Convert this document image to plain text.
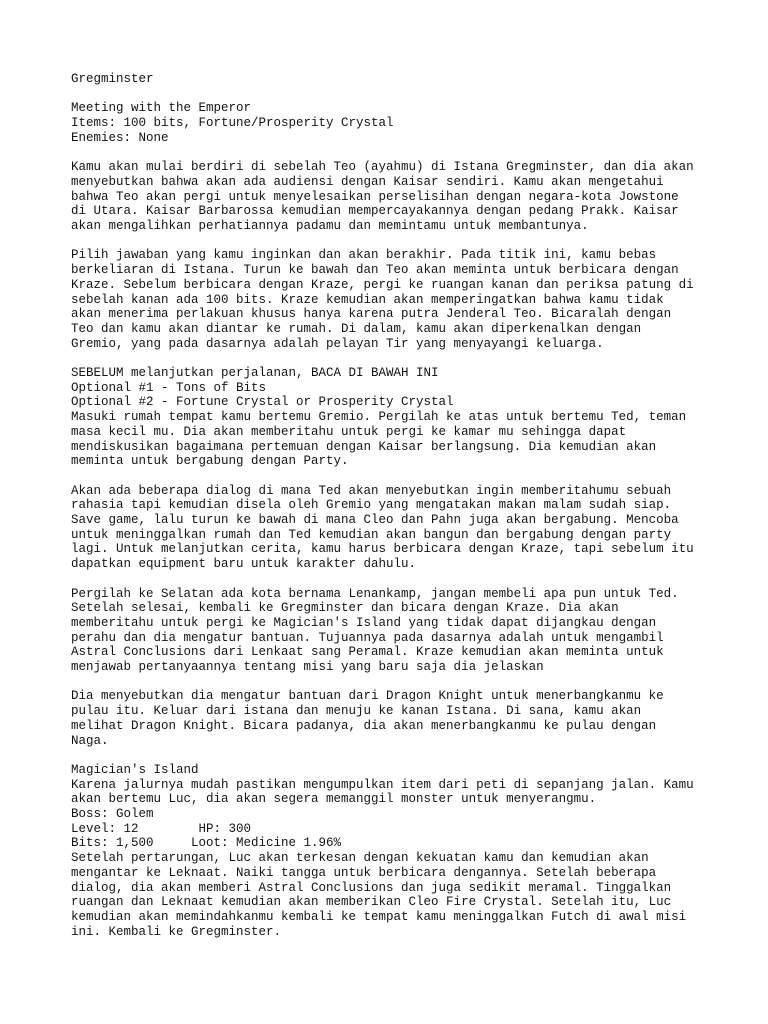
Gregminster
Meeting with the Emperor
Items: 100 bits, Fortune/Prosperity Crystal
Enemies: None
Kamu akan mulai berdiri di sebelah Teo (ayahmu) di Istana Gregminster, dan dia akan
menyebutkan bahwa akan ada audiensi dengan Kaisar sendiri. Kamu akan mengetahui
bahwa Teo akan pergi untuk menyelesaikan perselisihan dengan negara-kota Jowstone
di Utara. Kaisar Barbarossa kemudian mempercayakannya dengan pedang Prakk. Kaisar
akan mengalihkan perhatiannya padamu dan memintamu untuk membantunya.
Pilih jawaban yang kamu inginkan dan akan berakhir. Pada titik ini, kamu bebas
berkeliaran di Istana. Turun ke bawah dan Teo akan meminta untuk berbicara dengan
Kraze. Sebelum berbicara dengan Kraze, pergi ke ruangan kanan dan periksa patung di
sebelah kanan ada 100 bits. Kraze kemudian akan memperingatkan bahwa kamu tidak
akan menerima perlakuan khusus hanya karena putra Jenderal Teo. Bicaralah dengan
Teo dan kamu akan diantar ke rumah. Di dalam, kamu akan diperkenalkan dengan
Gremio, yang pada dasarnya adalah pelayan Tir yang menyayangi keluarga.
SEBELUM melanjutkan perjalanan, BACA DI BAWAH INI
Optional #1 - Tons of Bits
Optional #2 - Fortune Crystal or Prosperity Crystal
Masuki rumah tempat kamu bertemu Gremio. Pergilah ke atas untuk bertemu Ted, teman
masa kecil mu. Dia akan memberitahu untuk pergi ke kamar mu sehingga dapat
mendiskusikan bagaimana pertemuan dengan Kaisar berlangsung. Dia kemudian akan
meminta untuk bergabung dengan Party.
Akan ada beberapa dialog di mana Ted akan menyebutkan ingin memberitahumu sebuah
rahasia tapi kemudian disela oleh Gremio yang mengatakan makan malam sudah siap.
Save game, lalu turun ke bawah di mana Cleo dan Pahn juga akan bergabung. Mencoba
untuk meninggalkan rumah dan Ted kemudian akan bangun dan bergabung dengan party
lagi. Untuk melanjutkan cerita, kamu harus berbicara dengan Kraze, tapi sebelum itu
dapatkan equipment baru untuk karakter dahulu.
Pergilah ke Selatan ada kota bernama Lenankamp, jangan membeli apa pun untuk Ted.
Setelah selesai, kembali ke Gregminster dan bicara dengan Kraze. Dia akan
memberitahu untuk pergi ke Magician's Island yang tidak dapat dijangkau dengan
perahu dan dia mengatur bantuan. Tujuannya pada dasarnya adalah untuk mengambil
Astral Conclusions dari Lenkaat sang Peramal. Kraze kemudian akan meminta untuk
menjawab pertanyaannya tentang misi yang baru saja dia jelaskan
Dia menyebutkan dia mengatur bantuan dari Dragon Knight untuk menerbangkanmu ke
pulau itu. Keluar dari istana dan menuju ke kanan Istana. Di sana, kamu akan
melihat Dragon Knight. Bicara padanya, dia akan menerbangkanmu ke pulau dengan
Naga.
Magician's Island
Karena jalurnya mudah pastikan mengumpulkan item dari peti di sepanjang jalan. Kamu
akan bertemu Luc, dia akan segera memanggil monster untuk menyerangmu.
Boss: Golem
Level: 12        HP: 300
Bits: 1,500     Loot: Medicine 1.96%
Setelah pertarungan, Luc akan terkesan dengan kekuatan kamu dan kemudian akan
mengantar ke Leknaat. Naiki tangga untuk berbicara dengannya. Setelah beberapa
dialog, dia akan memberi Astral Conclusions dan juga sedikit meramal. Tinggalkan
ruangan dan Leknaat kemudian akan memberikan Cleo Fire Crystal. Setelah itu, Luc
kemudian akan memindahkanmu kembali ke tempat kamu meninggalkan Futch di awal misi
ini. Kembali ke Gregminster.
